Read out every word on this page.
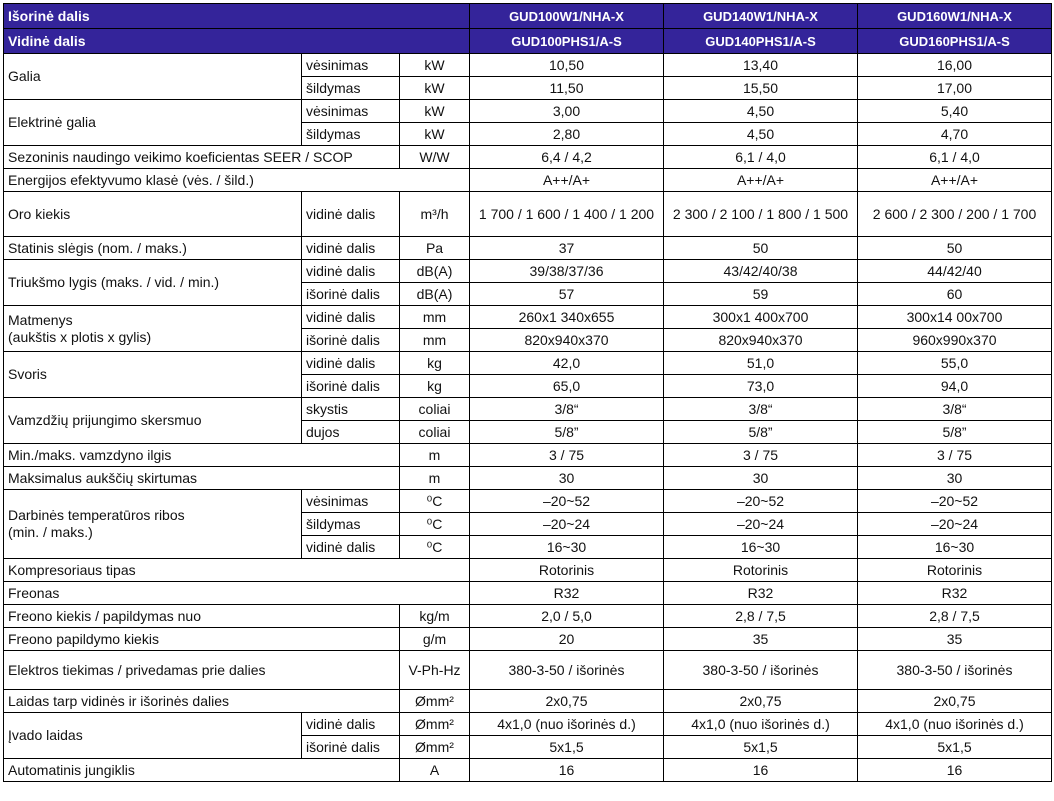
Išorinė dalis			GUD100W1/NHA-X	GUD140W1/NHA-X	GUD160W1/NHA-X
Vidinė dalis			GUD100PHS1/A-S	GUD140PHS1/A-S	GUD160PHS1/A-S
Galia	vėsinimas	kW	10,50	13,40	16,00
	šildymas	kW	11,50	15,50	17,00
Elektrinė galia	vėsinimas	kW	3,00	4,50	5,40
	šildymas	kW	2,80	4,50	4,70
Sezoninis naudingo veikimo koeficientas SEER / SCOP		W/W	6,4 / 4,2	6,1 / 4,0	6,1 / 4,0
Energijos efektyvumo klasė (vės. / šild.)			A++/A+	A++/A+	A++/A+
Oro kiekis	vidinė dalis	m³/h	1 700 / 1 600 / 1 400 / 1 200	2 300 / 2 100 / 1 800 / 1 500	2 600 / 2 300 / 200 / 1 700
Statinis slėgis (nom. / maks.)	vidinė dalis	Pa	37	50	50
Triukšmo lygis (maks. / vid. / min.)	vidinė dalis	dB(A)	39/38/37/36	43/42/40/38	44/42/40
	išorinė dalis	dB(A)	57	59	60
Matmenys
(aukštis x plotis x gylis)	vidinė dalis	mm	260x1 340x655	300x1 400x700	300x14 00x700
	išorinė dalis	mm	820x940x370	820x940x370	960x990x370
Svoris	vidinė dalis	kg	42,0	51,0	55,0
	išorinė dalis	kg	65,0	73,0	94,0
Vamzdžių prijungimo skersmuo	skystis	coliai	3/8“	3/8“	3/8“
	dujos	coliai	5/8”	5/8”	5/8”
Min./maks. vamzdyno ilgis		m	3 / 75	3 / 75	3 / 75
Maksimalus aukščių skirtumas		m	30	30	30
Darbinės temperatūros ribos
(min. / maks.)	vėsinimas	⁰C	–20~52	–20~52	–20~52
	šildymas	⁰C	–20~24	–20~24	–20~24
	vidinė dalis	⁰C	16~30	16~30	16~30
Kompresoriaus tipas			Rotorinis	Rotorinis	Rotorinis
Freonas			R32	R32	R32
Freono kiekis / papildymas nuo		kg/m	2,0 / 5,0	2,8 / 7,5	2,8 / 7,5
Freono papildymo kiekis		g/m	20	35	35
Elektros tiekimas / privedamas prie dalies		V-Ph-Hz	380-3-50 / išorinės	380-3-50 / išorinės	380-3-50 / išorinės
Laidas tarp vidinės ir išorinės dalies		Ømm²	2x0,75	2x0,75	2x0,75
Įvado laidas	vidinė dalis	Ømm²	4x1,0 (nuo išorinės d.)	4x1,0 (nuo išorinės d.)	4x1,0 (nuo išorinės d.)
	išorinė dalis	Ømm²	5x1,5	5x1,5	5x1,5
Automatinis jungiklis		A	16	16	16
